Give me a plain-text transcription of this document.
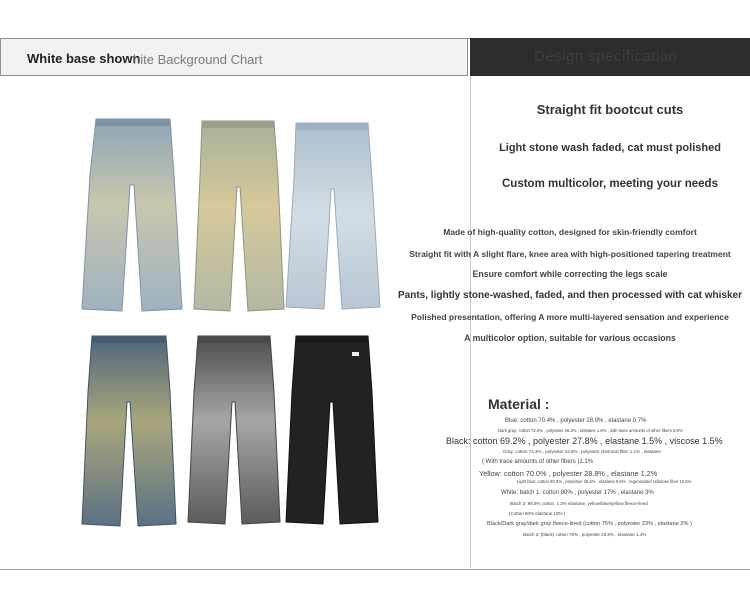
White base shown
hite Background Chart	Design specification
Straight fit bootcut cuts
Light stone wash faded, cat must polished
Custom multicolor, meeting your needs
Made of high-quality cotton, designed for skin-friendly comfort
Straight fit with A slight flare, knee area with high-positioned tapering treatment
Ensure comfort while correcting the legs scale
Pants, lightly stone-washed, faded, and then processed with cat whisker
Polished presentation, offering A more multi-layered sensation and experience
A multicolor option, suitable for various occasions
Material :
Blue: cotton 70.4% , polyester 28.9% , elastane 0.7%
Dark gray: cotton 72.0% , polyester 26.3% , elastane 1.6% , with trace amounts of other fibers 0.6%
Black: cotton 69.2% , polyester 27.8% , elastane 1.5% , viscose 1.5%
Gray: cotton 74.3% , polyester 24.6% , polyester chemical fiber 1.1% , elastane
( With trace amounts of other fibers )1.1%
Yellow: cotton 70.0% , polyester 28.8% , elastane 1.2%
Light blue: cotton 60.3% , polyester 28.6% , elastane 0.6% , regenerated cellulose fiber 10.5%
White: batch 1: cotton 80% , polyester 17% , elastane 3%
Batch 2: 98.8% cotton, 1.2% elastane, yellow/blue/yellow fleece-lined
(Cotton 90% elastane 10% )
Black/Dark gray/dark gray fleece-lined (cotton 75% , polyester 23% , elastane 2% )
Batch 3: (black) cotton 75% , polyester 23.6% , elastane 1.4%
